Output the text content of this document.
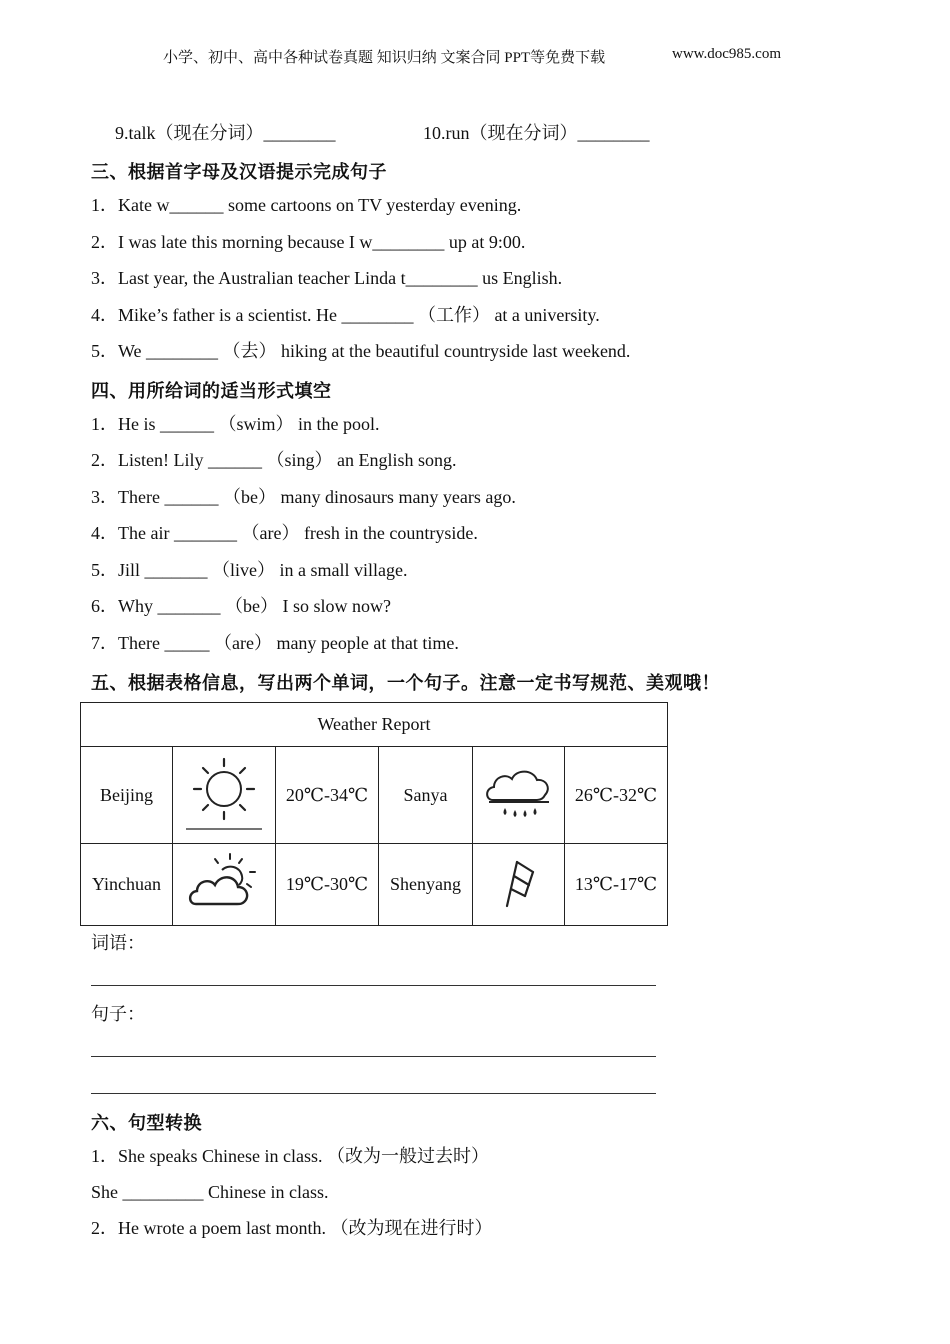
小学、初中、高中各种试卷真题 知识归纳 文案合同 PPT等免费下载	www.doc985.com
9.talk（现在分词）________	10.run（现在分词）________
三、根据首字母及汉语提示完成句子
1．Kate w______ some cartoons on TV yesterday evening.
2．I was late this morning because I w________ up at 9:00.
3．Last year, the Australian teacher Linda t________ us English.
4．Mike’s father is a scientist. He ________ （工作） at a university.
5．We ________ （去） hiking at the beautiful countryside last weekend.
四、用所给词的适当形式填空
1．He is ______ （swim） in the pool.
2．Listen! Lily ______ （sing） an English song.
3．There ______ （be） many dinosaurs many years ago.
4．The air _______ （are） fresh in the countryside.
5．Jill _______ （live） in a small village.
6．Why _______ （be） I so slow now?
7．There _____ （are） many people at that time.
五、根据表格信息，写出两个单词，一个句子。注意一定书写规范、美观哦！
Weather Report					
Beijing		20℃-34℃	Sanya		26℃-32℃
Yinchuan		19℃-30℃	Shenyang		13℃-17℃
词语：
句子：
六、句型转换
1．She speaks Chinese in class. （改为一般过去时）
She _________ Chinese in class.
2．He wrote a poem last month. （改为现在进行时）
